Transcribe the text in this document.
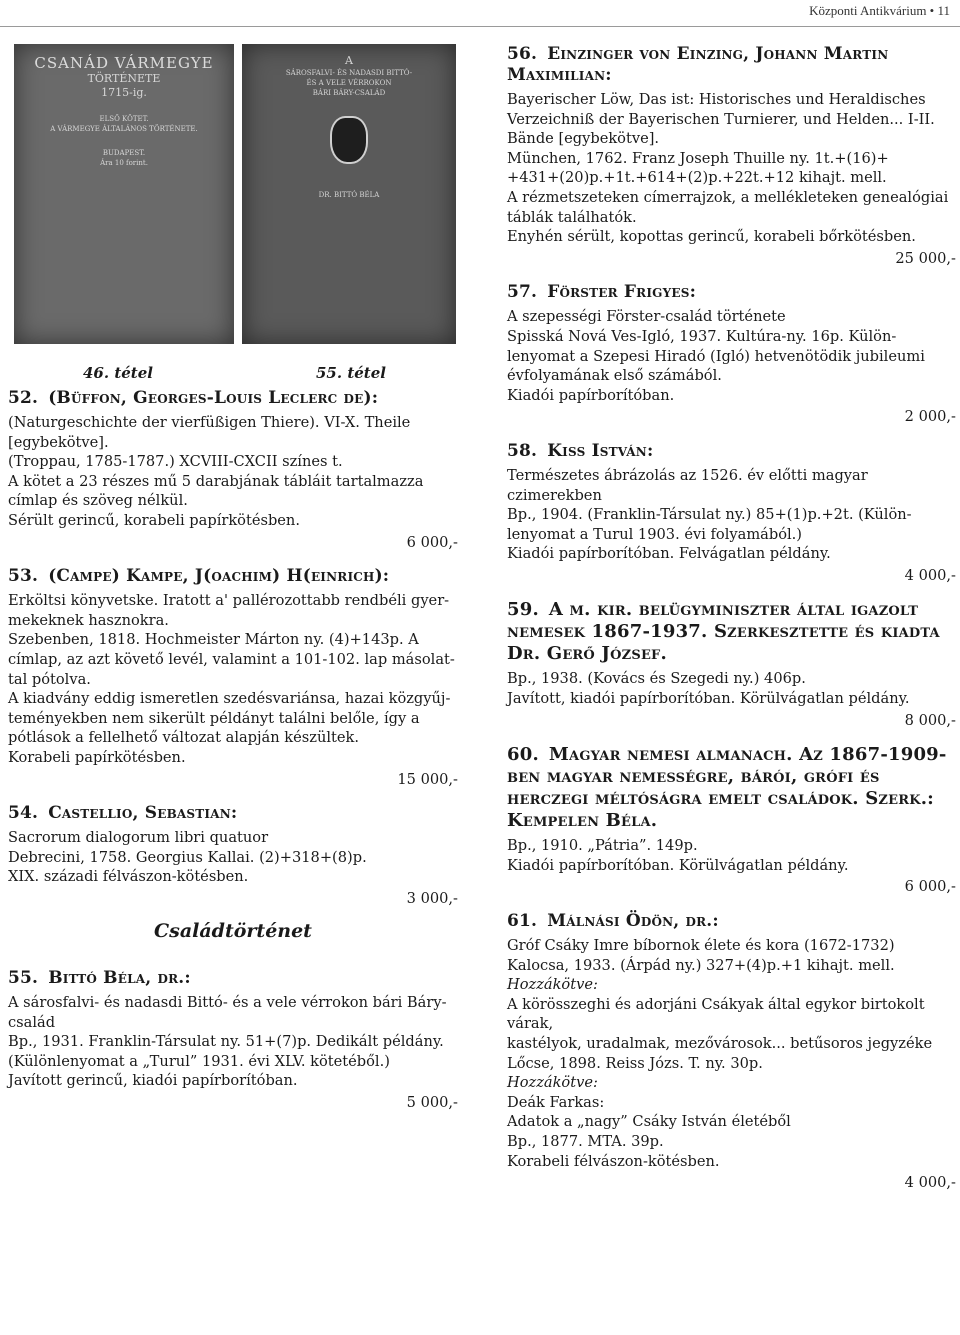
Központi Antikvárium • 11
CSANÁD VÁRMEGYE
TÖRTÉNETE
1715-ig.
ELSŐ KÖTET.
A VÁRMEGYE ÁLTALÁNOS TÖRTÉNETE.
BUDAPEST.
Ára 10 forint.
A
SÁROSFALVI- ÉS NADASDI BITTÓ-
ÉS A VELE VÉRROKON
BÁRI BÁRY-CSALÁD
DR. BITTÓ BÉLA
46. tétel	55. tétel
52. (Büffon, Georges-Louis Leclerc de):
(Naturgeschichte der vierfüßigen Thiere). VI-X. Theile
[egybekötve].
(Troppau, 1785-1787.) XCVIII-CXCII színes t.
A kötet a 23 részes mű 5 darabjának tábláit tartalmazza
címlap és szöveg nélkül.
Sérült gerincű, korabeli papírkötésben.
6 000,-
53. (Campe) Kampe, J(oachim) H(einrich):
Erköltsi könyvetske. Iratott a' pallérozottabb rendbéli gyer-
mekeknek hasznokra.
Szebenben, 1818. Hochmeister Márton ny. (4)+143p. A
címlap, az azt követő levél, valamint a 101-102. lap másolat-
tal pótolva.
A kiadvány eddig ismeretlen szedésvariánsa, hazai közgyűj-
teményekben nem sikerült példányt találni belőle, így a
pótlások a fellelhető változat alapján készültek.
Korabeli papírkötésben.
15 000,-
54. Castellio, Sebastian:
Sacrorum dialogorum libri quatuor
Debrecini, 1758. Georgius Kallai. (2)+318+(8)p.
XIX. századi félvászon-kötésben.
3 000,-
Családtörténet
55. Bittó Béla, dr.:
A sárosfalvi- és nadasdi Bittó- és a vele vérrokon bári Báry-
család
Bp., 1931. Franklin-Társulat ny. 51+(7)p. Dedikált példány.
(Különlenyomat a „Turul” 1931. évi XLV. kötetéből.)
Javított gerincű, kiadói papírborítóban.
5 000,-
56. Einzinger von Einzing, Johann Martin Maximilian:
Bayerischer Löw, Das ist: Historisches und Heraldisches
Verzeichniß der Bayerischen Turnierer, und Helden... I-II.
Bände [egybekötve].
München, 1762. Franz Joseph Thuille ny. 1t.+(16)+
+431+(20)p.+1t.+614+(2)p.+22t.+12 kihajt. mell.
A rézmetszeteken címerrajzok, a mellékleteken genealógiai
táblák találhatók.
Enyhén sérült, kopottas gerincű, korabeli bőrkötésben.
25 000,-
57. Förster Frigyes:
A szepességi Förster-család története
Spisská Nová Ves-Igló, 1937. Kultúra-ny. 16p. Külön-
lenyomat a Szepesi Hiradó (Igló) hetvenötödik jubileumi
évfolyamának első számából.
Kiadói papírborítóban.
2 000,-
58. Kiss István:
Természetes ábrázolás az 1526. év előtti magyar czimerekben
Bp., 1904. (Franklin-Társulat ny.) 85+(1)p.+2t. (Külön-
lenyomat a Turul 1903. évi folyamából.)
Kiadói papírborítóban. Felvágatlan példány.
4 000,-
59. A m. kir. belügyminiszter által igazolt nemesek 1867-1937. Szerkesztette és kiadta Dr. Gerő József.
Bp., 1938. (Kovács és Szegedi ny.) 406p.
Javított, kiadói papírborítóban. Körülvágatlan példány.
8 000,-
60. Magyar nemesi almanach. Az 1867-1909-ben magyar nemességre, bárói, grófi és herczegi méltóságra emelt családok. Szerk.: Kempelen Béla.
Bp., 1910. „Pátria”. 149p.
Kiadói papírborítóban. Körülvágatlan példány.
6 000,-
61. Málnási Ödön, dr.:
Gróf Csáky Imre bíbornok élete és kora (1672-1732)
Kalocsa, 1933. (Árpád ny.) 327+(4)p.+1 kihajt. mell.
Hozzákötve:
A körösszeghi és adorjáni Csákyak által egykor birtokolt várak,
kastélyok, uradalmak, mezővárosok... betűsoros jegyzéke
Lőcse, 1898. Reiss Józs. T. ny. 30p.
Hozzákötve:
Deák Farkas:
Adatok a „nagy” Csáky István életéből
Bp., 1877. MTA. 39p.
Korabeli félvászon-kötésben.
4 000,-
